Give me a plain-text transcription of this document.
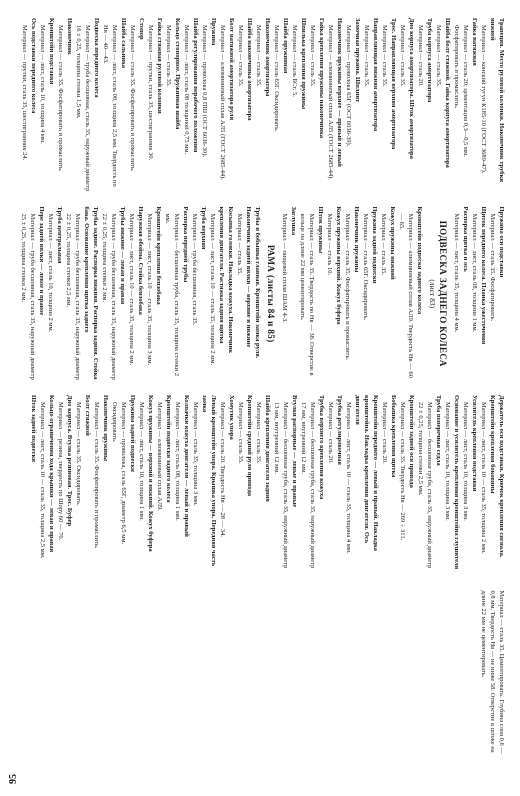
95

Трапеция. Место рулевой колонки. Наконечник трубки нижней
Материал — конский тугун К185-10 (ГОСТ 3689-47).

Гайка натяжная
Материал — сталь 20; цементация 0,3—0,5 мм. Фосфатировать и промаслить.

Шайба болт стяжной. Гайка корпуса амортизатора
Материал — сталь 35.

Труба корпуса амортизатора
Материал — сталь 20.

Дно корпуса амортизатора. Шток амортизатора
Материал — сталь 35.

Трос. Направляющая верхняя амортизатора
Материал — сталь 35.

Направляющая нижняя амортизатора
Материал — сталь 35.

Замочная пружина. Шплинт
Материал — проволока 65Г (ОСТ 6036-39).

Наконечник пружины верхнее — правый и левый
Материал — алюминиевый сплав АЛ5 (ГОСТ 2685-44).

Гайка крепления пружины наконечника
Материал — сталь 35.

Шпилька крепления пружины
Материал — сталь БСт. 5.

Шайба пружинная
Материал — сталь 65Г. Оксидировать.

Наконечник амортизатора
Материал — сталь 35.

Шайба наконечника амортизатора
Материал — сталь 35.

Болт натяжной амортизатора руля
Материал — алюминиевый сплав АЛ5 (ГОСТ 2685-44).

Пружина
Материал — проволока 0,8 ПШ (ОСТ 6036-39).

Шайба регулирования нерабочего положения
Материал — лист, сталь 08 толщиной 0,75 мм.

Кольцо стопорное. Пружинная шайба
Материал — сталь 35.

Гайка стяжная рулевой колонки
Материал — прутки, сталь 35, шестигранник 30.

Стопор
Материал — сталь 35. Фосфатировать и промаслить.

Шайба сальника
Материал — лист, сталь 08, толщина 2,5 мм. Твердость по Нв — 40—43.

Подвеска переднего колеса
Материал — труба бесшовная, сталь 35, наружный диаметр 16 ± 0,25, толщина стенки 1,5 мм.

Наконечник
Материал — сталь 35. Фосфатировать и промаслить.

Кронштейн подставки
Материал — лист, сталь 10, толщина 4 мм.

Ось подставки переднего колеса
Материал — прутки, сталь 35, шестигранник 24.

Пружина оси подставки
Материал — сталь 35. Фосфатировать.

Щиток переднего колеса. Планка ужесточения
Материал — лист, сталь 08, толщина 1 мм.

Распорка щитка и ось
Материал — лист, сталь 35, толщина 4 мм.

ПОДВЕСКА ЗАДНЕГО КОЛЕСА
(лист 83)

Кронштейн подвески заднего колеса
Материал — алюминиевый сплав АЛ9. Твердость Нв — 60 — 65.

Кожух пружины нижний
Материал — сталь 35.

Пружина задней подвески
Материал — сталь 65Г. Оксидировать.

Наконечник пружины
Материал — сталь 35. Фосфатировать и промаслить.

Кожух пружины верхний. Кожух буфера
Материал — сталь 10.

Шток пружины
Материал — сталь 35. Твердость по Нв — 38. Отверстие в кольце на длине 22 мм цементировать.

Заглушка
Материал — пищевой сплав ШАМ 4-3.

РАМА (листы 84 и 85)

Трубы и бобышка главная. Кронштейн замка руля. Наконечник задней вилки — верхние и нижние
Материал — сталь 35.

Косынка головки. Накладка кожуха. Наконечник крепления двигателя. Растяжка задняя щитка
Материал — лист, сталь 10 — сталь 35, толщина 2 мм.

Труба верхняя
Материал — труба бесшовная, сталь 35.

Распорка передней трубы
Материал — бесшовная труба, сталь 35, толщина стенки 2 мм.

Кронштейн крепления бензобака
Материал — лист, сталь 10 — сталь 35, толщина 3 мм.

Наружная обойма. Стойка бензобака
Материал — лист, сталь 10 — сталь 35, толщина 2 мм.

Трубы нижние — левая и правая
Материал — труба бесшовная, сталь 35, наружный диаметр 22 ± 0,25, толщина стенки 2 мм.

Трубы задние. Распорка нижняя. Распорка задняя. Стойка бака. Основание крепления щитка заднего
Материал — труба бесшовная, сталь 35, наружный диаметр 22 ± 0,25, толщина стенки 2,5 мм.

Труба центральная
Материал — лист, сталь 10, толщина 2 мм.

Пере задней вилки — левое и правое
Материал — труба бесшовная, сталь 35, наружный диаметр 25 ± 0,25, толщина стенки 2 мм.

Держатель оси подставки. Крючок крепления сигнала. Кронштейн крепления боковины
Материал — лист, сталь 10 — сталь 35, толщина 2 мм.

Усилитель крепления подставки
Материал — лист, сталь 10, толщина 3 мм.

Основание и усилитель крепления кронштейна глушителя
Материал — лист, сталь 10, толщина 3 мм.

Труба поперечная седла
Материал — бесшовная труба, сталь 35, наружный диаметр 22 ± 0,25, толщина стенки 2,5 мм.

Кронштейн задней оси привода
Материал — сталь 35. Твердость Нв — 269 ÷ 311.

Бобышка крепления щитка
Материал — сталь 20.

Кронштейн переднего — левый и правый. Накладка кронштейна. Накладка крепления двигателя. Ось двигателя
Материал — лист, сталь 10 — сталь 35, толщина 4 мм.

Трубка регулировочная
Материал — сталь 20.

Трубка верхнего крепления кожуха
Материал — бесшовная труба, сталь 35, наружный диаметр 17 мм, внутренний 12 мм.

Втулки распорные — левые и правые
Материал — бесшовная труба, сталь 35, наружный диаметр 13 мм, внутренний 12 мм.

Шайба крепления двигателя задняя
Материал — сталь 35.

Кронштейн средний руля привода
Материал — сталь 35.

Хомутик упора
Материал — сталь 20. Твердость Нв — 28 — 34.

Левый кронштейн упора. Крышка упора. Передняя часть замка
Материал — сталь 35, толщина 3 мм.

Колпачки кожуха двигателя — левый и правый
Материал — лист, сталь 08, толщина 1 мм.

Кронштейн подвески заднего колеса
Материал — алюминиевый сплав АЛ9.

Кожух пружины — верхний и нижний. Кожух буфера
Материал — лист, сталь 10, толщина 1 мм.

Пружина задней подвески
Материал — проволока, сталь 65Г, диаметр 6,5 мм. Оксидировать.

Наконечник пружины
Материал — сталь 35. Фосфатировать и промаслить.

Болт стяжной
Материал — сталь 35. Оксидировать.

Дно корпуса. Втулка резиновая. Трос. Буфер
Материал — резина, твердость по Шору 60 — 70.

Кольцо ограничения хода крышки — левая и правая
Материал — лист, сталь 10 — сталь 35, толщина 2,5 мм.

Шток задней подвески
Материал — сталь 35. Цементировать. Глубина слоя 0,6 — 0,8 мм. Твердость Нв — не ниже 58. Отверстие в штоке на длине 22 мм не цементировать.
